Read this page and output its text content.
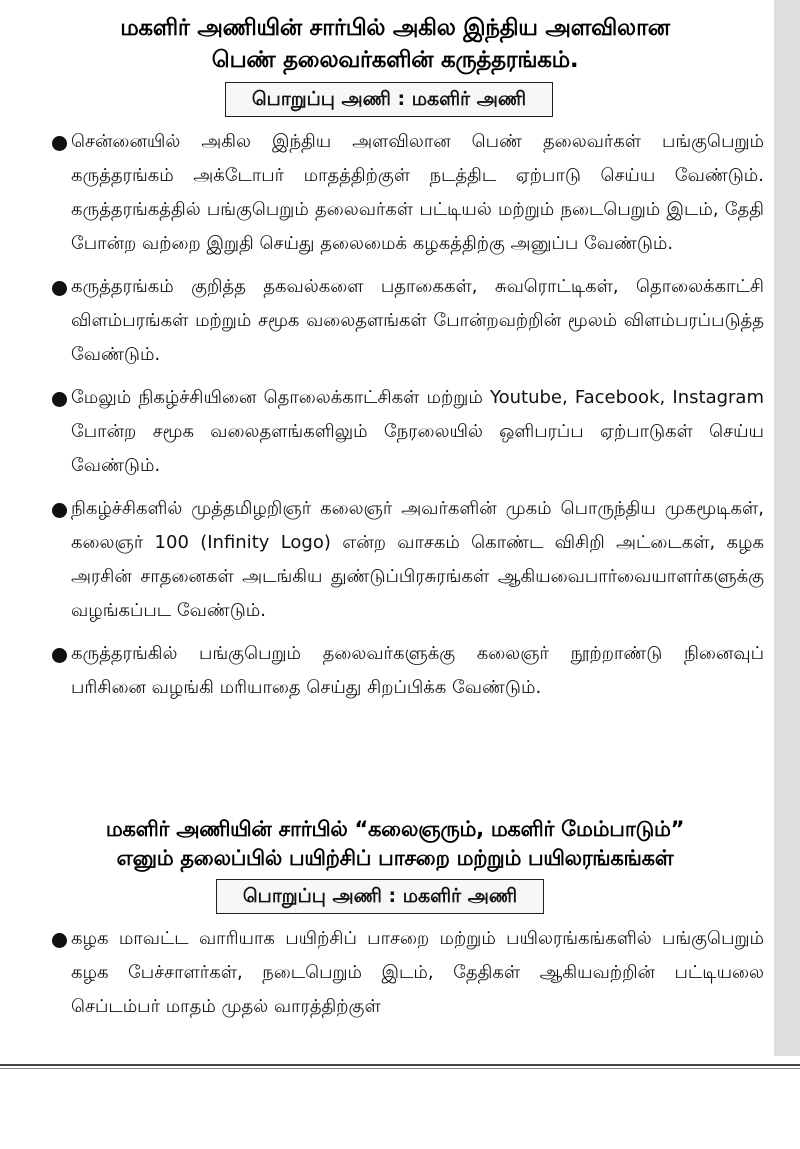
மகளிர் அணியின் சார்பில் அகில இந்திய அளவிலான
பெண் தலைவர்களின் கருத்தரங்கம்.
பொறுப்பு அணி : மகளிர் அணி
சென்னையில் அகில இந்திய அளவிலான பெண் தலைவர்கள் பங்குபெறும் கருத்தரங்கம் அக்டோபர் மாதத்திற்குள் நடத்திட ஏற்பாடு செய்ய வேண்டும். கருத்தரங்கத்தில் பங்குபெறும் தலைவர்கள் பட்டியல் மற்றும் நடைபெறும் இடம், தேதி போன்ற வற்றை இறுதி செய்து தலைமைக் கழகத்திற்கு அனுப்ப வேண்டும்.
கருத்தரங்கம் குறித்த தகவல்களை பதாகைகள், சுவரொட்டிகள், தொலைக்காட்சி விளம்பரங்கள் மற்றும் சமூக வலைதளங்கள் போன்றவற்றின் மூலம் விளம்பரப்படுத்த வேண்டும்.
மேலும் நிகழ்ச்சியினை தொலைக்காட்சிகள் மற்றும் Youtube, Facebook, Instagram போன்ற சமூக வலைதளங்களிலும் நேரலையில் ஒளிபரப்ப ஏற்பாடுகள் செய்ய வேண்டும்.
நிகழ்ச்சிகளில் முத்தமிழறிஞர் கலைஞர் அவர்களின் முகம் பொருந்திய முகமூடிகள், கலைஞர் 100 (Infinity Logo) என்ற வாசகம் கொண்ட விசிறி அட்டைகள், கழக அரசின் சாதனைகள் அடங்கிய துண்டுப்பிரசுரங்கள் ஆகியவைபார்வையாளர்களுக்கு வழங்கப்பட வேண்டும்.
கருத்தரங்கில் பங்குபெறும் தலைவர்களுக்கு கலைஞர் நூற்றாண்டு நினைவுப் பரிசினை வழங்கி மரியாதை செய்து சிறப்பிக்க வேண்டும்.
மகளிர் அணியின் சார்பில் “கலைஞரும், மகளிர் மேம்பாடும்”
எனும் தலைப்பில் பயிற்சிப் பாசறை மற்றும் பயிலரங்கங்கள்
பொறுப்பு அணி : மகளிர் அணி
கழக மாவட்ட வாரியாக பயிற்சிப் பாசறை மற்றும் பயிலரங்கங்களில் பங்குபெறும் கழக பேச்சாளர்கள், நடைபெறும் இடம், தேதிகள் ஆகியவற்றின் பட்டியலை செப்டம்பர் மாதம் முதல் வாரத்திற்குள்
